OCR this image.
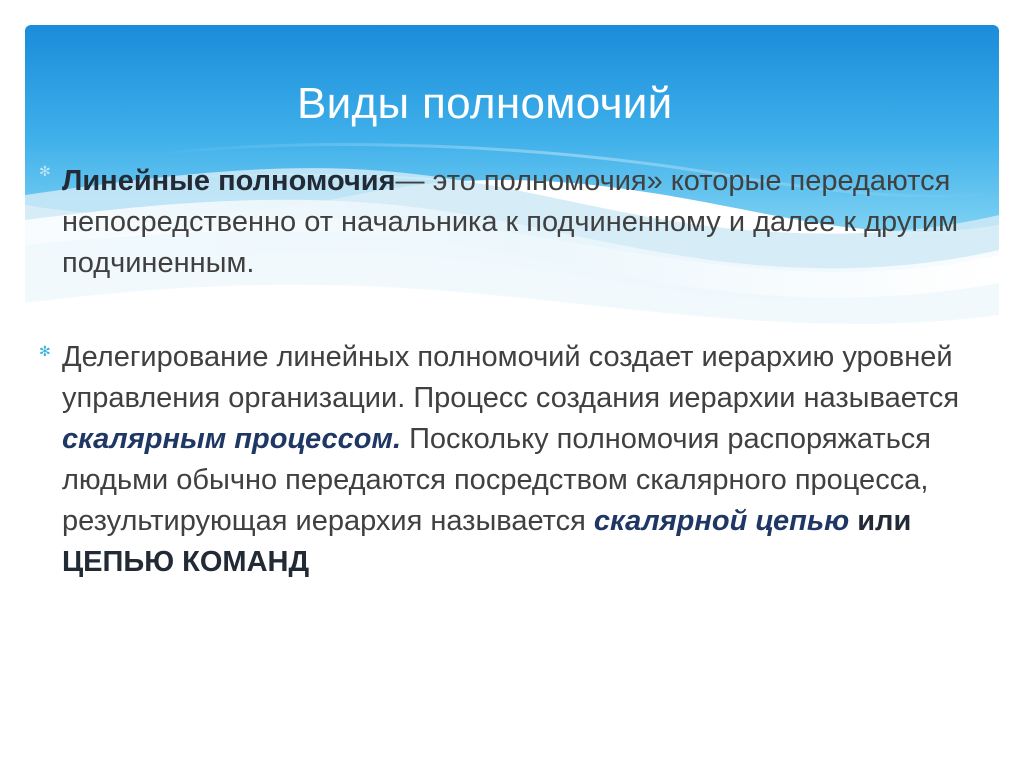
Виды полномочий
✻ Линейные полномочия— это полномочия» которые передаются непосредственно от начальника к подчиненному и далее к другим подчиненным.

✻ Делегирование линейных полномочий создает иерархию уровней управления организации. Процесс создания иерархии называется скалярным процессом. Поскольку полномочия распоряжаться людьми обычно передаются посредством скалярного процесса, результирующая иерархия называется скалярной цепью или ЦЕПЬЮ КОМАНД
